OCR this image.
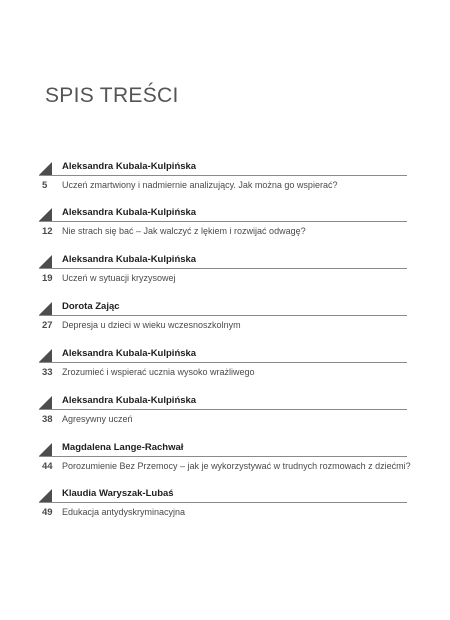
SPIS TREŚCI
Aleksandra Kubala-Kulpińska
5 Uczeń zmartwiony i nadmiernie analizujący. Jak można go wspierać?
Aleksandra Kubala-Kulpińska
12 Nie strach się bać – Jak walczyć z lękiem i rozwijać odwagę?
Aleksandra Kubala-Kulpińska
19 Uczeń w sytuacji kryzysowej
Dorota Zając
27 Depresja u dzieci w wieku wczesnoszkolnym
Aleksandra Kubala-Kulpińska
33 Zrozumieć i wspierać ucznia wysoko wrażliwego
Aleksandra Kubala-Kulpińska
38 Agresywny uczeń
Magdalena Lange-Rachwał
44 Porozumienie Bez Przemocy – jak je wykorzystywać w trudnych rozmowach z dziećmi?
Klaudia Waryszak-Lubaś
49 Edukacja antydyskryminacyjna
